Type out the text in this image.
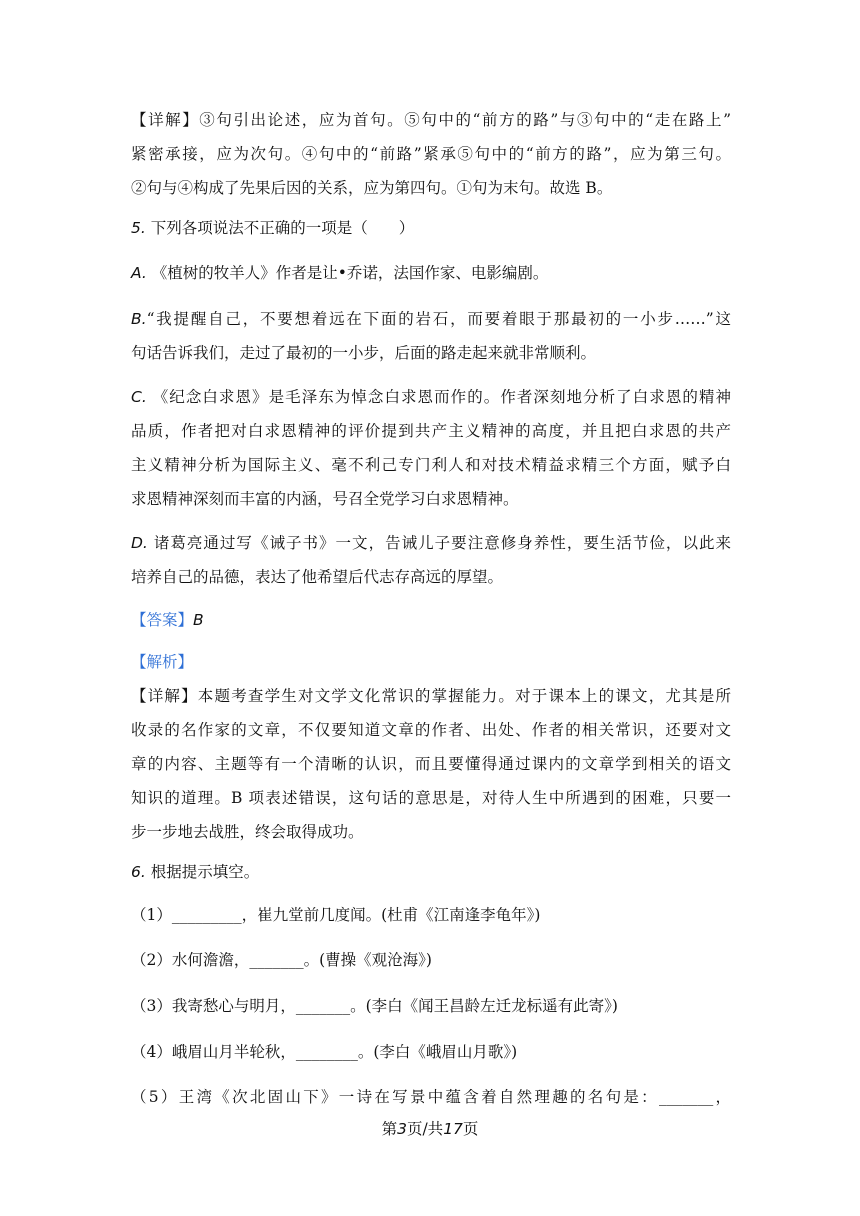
【详解】③句引出论述，应为首句。⑤句中的“前方的路”与③句中的“走在路上”

紧密承接，应为次句。④句中的“前路”紧承⑤句中的“前方的路”，应为第三句。

②句与④构成了先果后因的关系，应为第四句。①句为末句。故选 B。

5. 下列各项说法不正确的一项是（　　）

A. 《植树的牧羊人》作者是让•乔诺，法国作家、电影编剧。

B.“我提醒自己，不要想着远在下面的岩石，而要着眼于那最初的一小步……”这

句话告诉我们，走过了最初的一小步，后面的路走起来就非常顺利。

C. 《纪念白求恩》是毛泽东为悼念白求恩而作的。作者深刻地分析了白求恩的精神

品质，作者把对白求恩精神的评价提到共产主义精神的高度，并且把白求恩的共产

主义精神分析为国际主义、毫不利己专门利人和对技术精益求精三个方面，赋予白

求恩精神深刻而丰富的内涵，号召全党学习白求恩精神。

D. 诸葛亮通过写《诫子书》一文，告诫儿子要注意修身养性，要生活节俭，以此来

培养自己的品德，表达了他希望后代志存高远的厚望。

【答案】B

【解析】

【详解】本题考查学生对文学文化常识的掌握能力。对于课本上的课文，尤其是所

收录的名作家的文章，不仅要知道文章的作者、出处、作者的相关常识，还要对文

章的内容、主题等有一个清晰的认识，而且要懂得通过课内的文章学到相关的语文

知识的道理。B 项表述错误，这句话的意思是，对待人生中所遇到的困难，只要一

步一步地去战胜，终会取得成功。

6. 根据提示填空。

（1）_________，崔九堂前几度闻。(杜甫《江南逢李龟年》)

（2）水何澹澹，_______。(曹操《观沧海》)

（3）我寄愁心与明月，_______。(李白《闻王昌龄左迁龙标遥有此寄》)

（4）峨眉山月半轮秋，________。(李白《峨眉山月歌》)

（5）王湾《次北固山下》一诗在写景中蕴含着自然理趣的名句是：_______，

第3页/共17页
